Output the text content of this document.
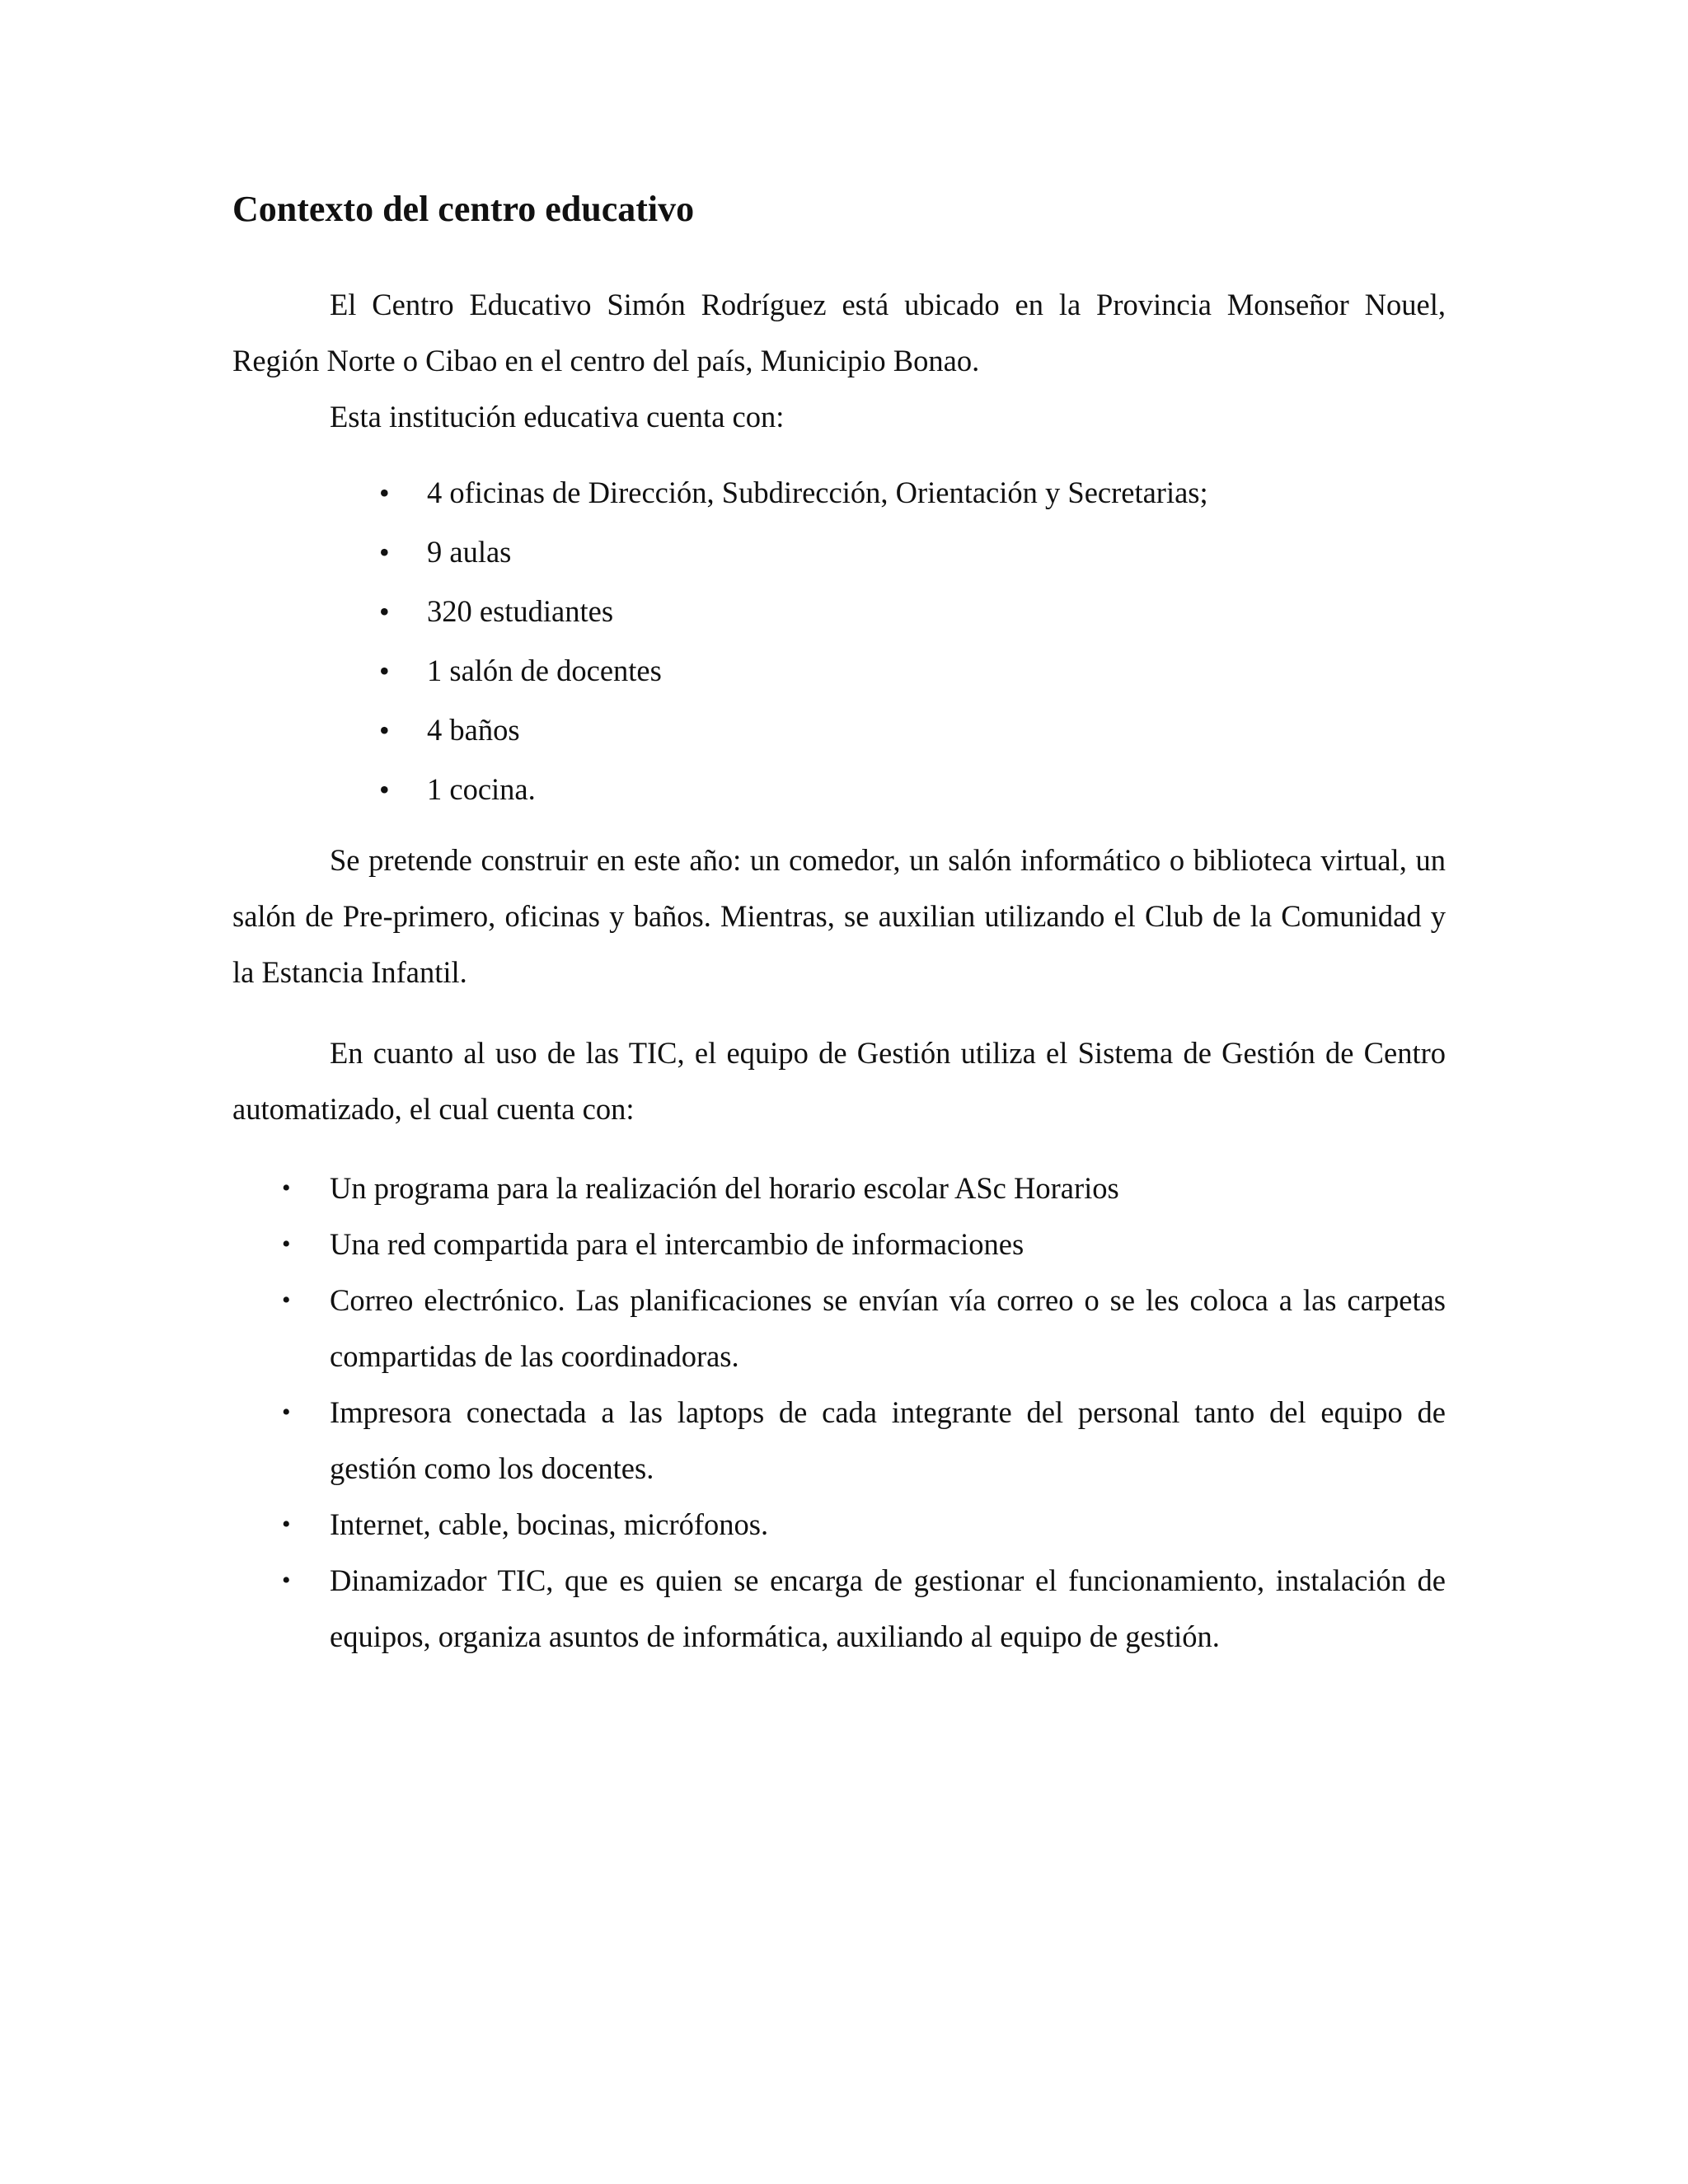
Contexto del centro educativo

El Centro Educativo Simón Rodríguez está ubicado en la Provincia Monseñor Nouel, Región Norte o Cibao en el centro del país, Municipio Bonao.

Esta institución educativa cuenta con:

• 4 oficinas de Dirección, Subdirección, Orientación y Secretarias;
• 9 aulas
• 320 estudiantes
• 1 salón de docentes
• 4 baños
• 1 cocina.

Se pretende construir en este año: un comedor, un salón informático o biblioteca virtual, un salón de Pre-primero, oficinas y baños. Mientras, se auxilian utilizando el Club de la Comunidad y la Estancia Infantil.

En cuanto al uso de las TIC, el equipo de Gestión utiliza el Sistema de Gestión de Centro automatizado, el cual cuenta con:

• Un programa para la realización del horario escolar ASc Horarios
• Una red compartida para el intercambio de informaciones
• Correo electrónico. Las planificaciones se envían vía correo o se les coloca a las carpetas compartidas de las coordinadoras.
• Impresora conectada a las laptops de cada integrante del personal tanto del equipo de gestión como los docentes.
• Internet, cable, bocinas, micrófonos.
• Dinamizador TIC, que es quien se encarga de gestionar el funcionamiento, instalación de equipos, organiza asuntos de informática, auxiliando al equipo de gestión.
